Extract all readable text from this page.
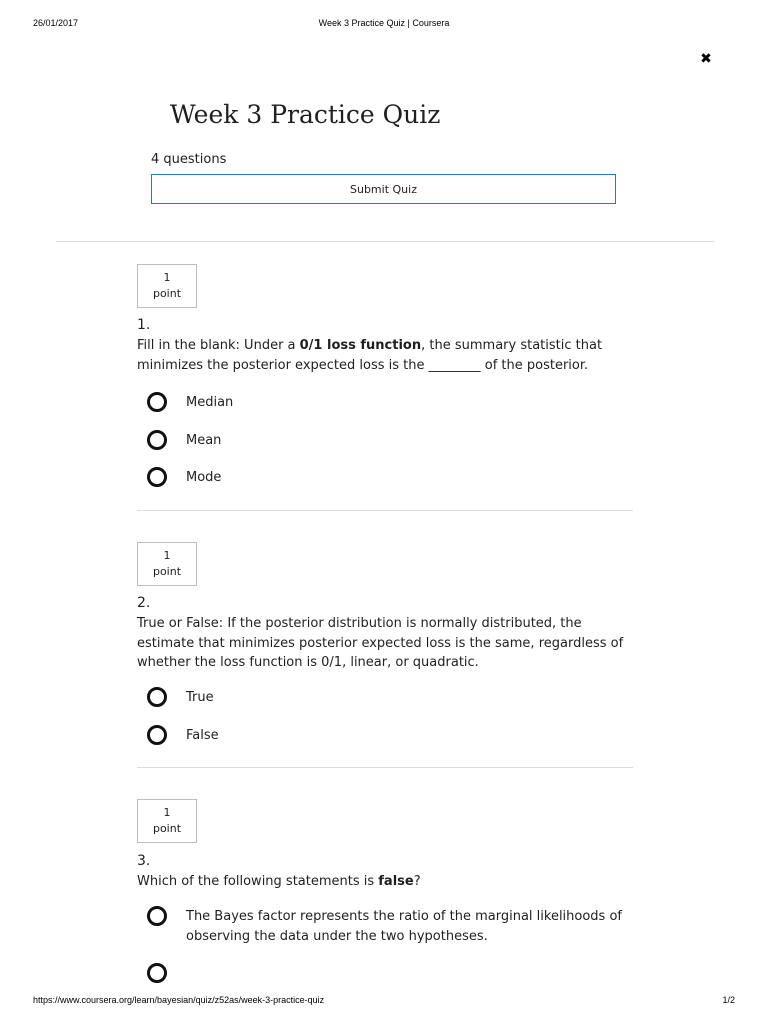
26/01/2017	Week 3 Practice Quiz | Coursera
✖
Week 3 Practice Quiz
4 questions
Submit Quiz
1
point
1.
Fill in the blank: Under a 0/1 loss function, the summary statistic that minimizes the posterior expected loss is the ________ of the posterior.
Median
Mean
Mode
1
point
2.
True or False: If the posterior distribution is normally distributed, the estimate that minimizes posterior expected loss is the same, regardless of whether the loss function is 0/1, linear, or quadratic.
True
False
1
point
3.
Which of the following statements is false?
The Bayes factor represents the ratio of the marginal likelihoods of observing the data under the two hypotheses.
https://www.coursera.org/learn/bayesian/quiz/z52as/week-3-practice-quiz	1/2
